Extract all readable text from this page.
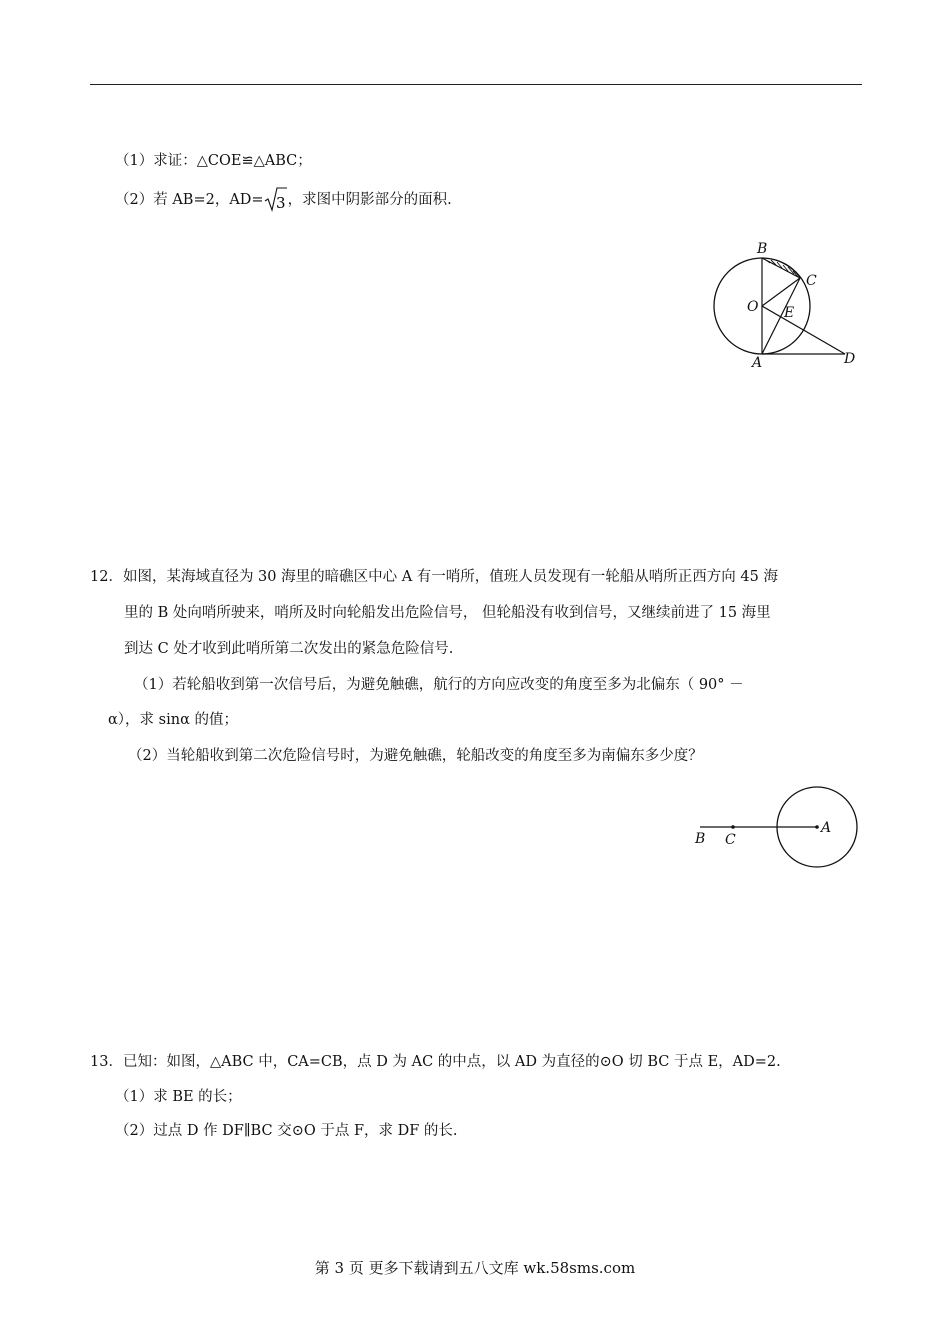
（1）求证：△COE≌△ABC；
（2）若 AB=2，AD= 3 ，求图中阴影部分的面积.
B
C
O E
A	D
12．如图，某海域直径为 30 海里的暗礁区中心 A 有一哨所，值班人员发现有一轮船从哨所正西方向 45 海
里的 B 处向哨所驶来，哨所及时向轮船发出危险信号， 但轮船没有收到信号，又继续前进了 15 海里
到达 C 处才收到此哨所第二次发出的紧急危险信号.
（1）若轮船收到第一次信号后，为避免触礁，航行的方向应改变的角度至多为北偏东（ 90° －
α），求 sinα 的值；
（2）当轮船收到第二次危险信号时，为避免触礁，轮船改变的角度至多为南偏东多少度？
B C
A
13．已知：如图，△ABC 中，CA=CB，点 D 为 AC 的中点，以 AD 为直径的⊙O 切 BC 于点 E，AD=2.
（1）求 BE 的长；
（2）过点 D 作 DF∥BC 交⊙O 于点 F，求 DF 的长.
第 3 页 更多下载请到五八文库 wk.58sms.com
